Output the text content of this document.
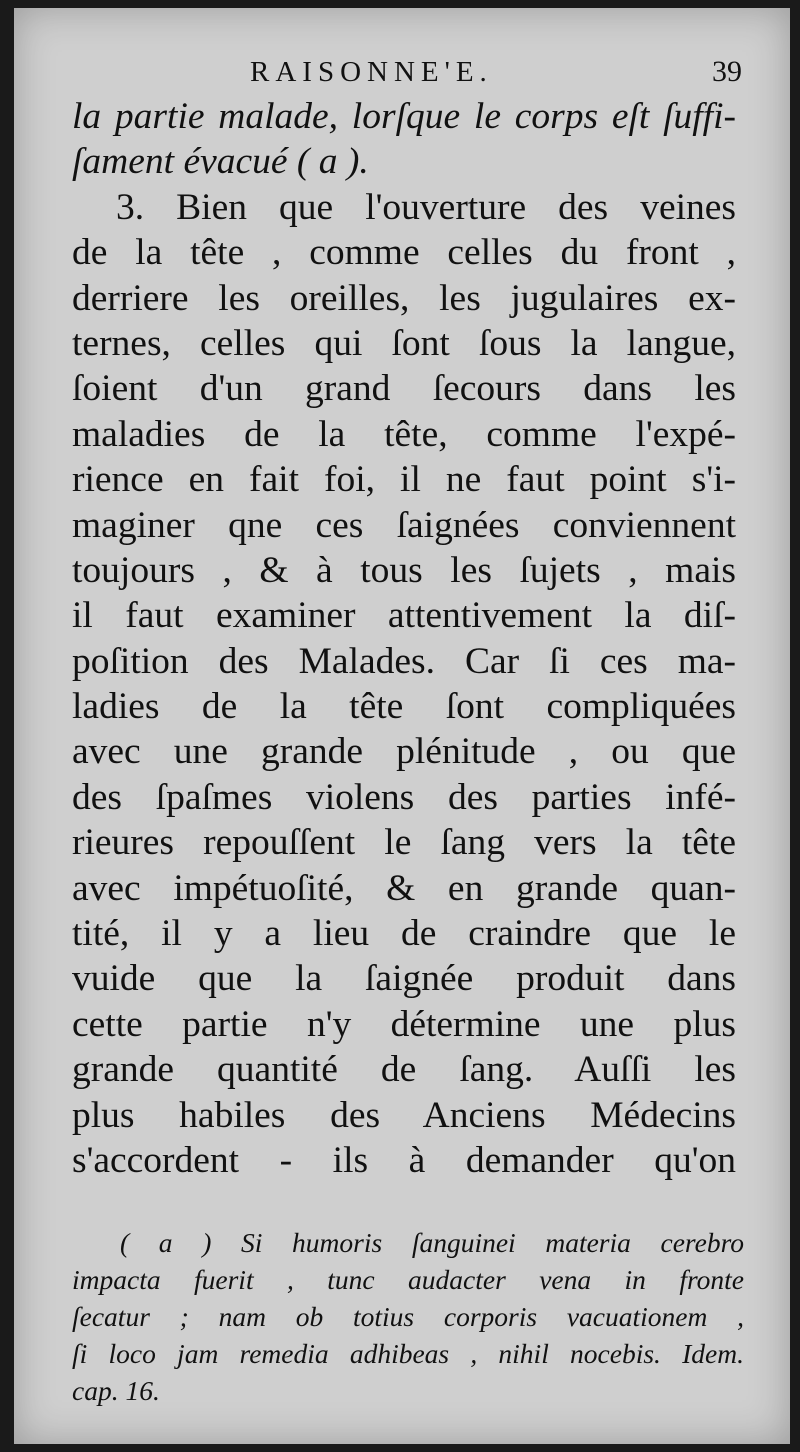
RAISONNE'E.	39
la partie malade, lorſque le corps eſt ſuffi-
ſament évacué ( a ).
3. Bien que l'ouverture des veines
de la tête , comme celles du front ,
derriere les oreilles, les jugulaires ex-
ternes, celles qui ſont ſous la langue,
ſoient d'un grand ſecours dans les
maladies de la tête, comme l'expé-
rience en fait foi, il ne faut point s'i-
maginer qne ces ſaignées conviennent
toujours , & à tous les ſujets , mais
il faut examiner attentivement la diſ-
poſition des Malades. Car ſi ces ma-
ladies de la tête ſont compliquées
avec une grande plénitude , ou que
des ſpaſmes violens des parties infé-
rieures repouſſent le ſang vers la tête
avec impétuoſité, & en grande quan-
tité, il y a lieu de craindre que le
vuide que la ſaignée produit dans
cette partie n'y détermine une plus
grande quantité de ſang. Auſſi les
plus habiles des Anciens Médecins
s'accordent - ils à demander qu'on
( a ) Si humoris ſanguinei materia cerebro
impacta fuerit , tunc audacter vena in fronte
ſecatur ; nam ob totius corporis vacuationem ,
ſi loco jam remedia adhibeas , nihil nocebis. Idem.
cap. 16.
